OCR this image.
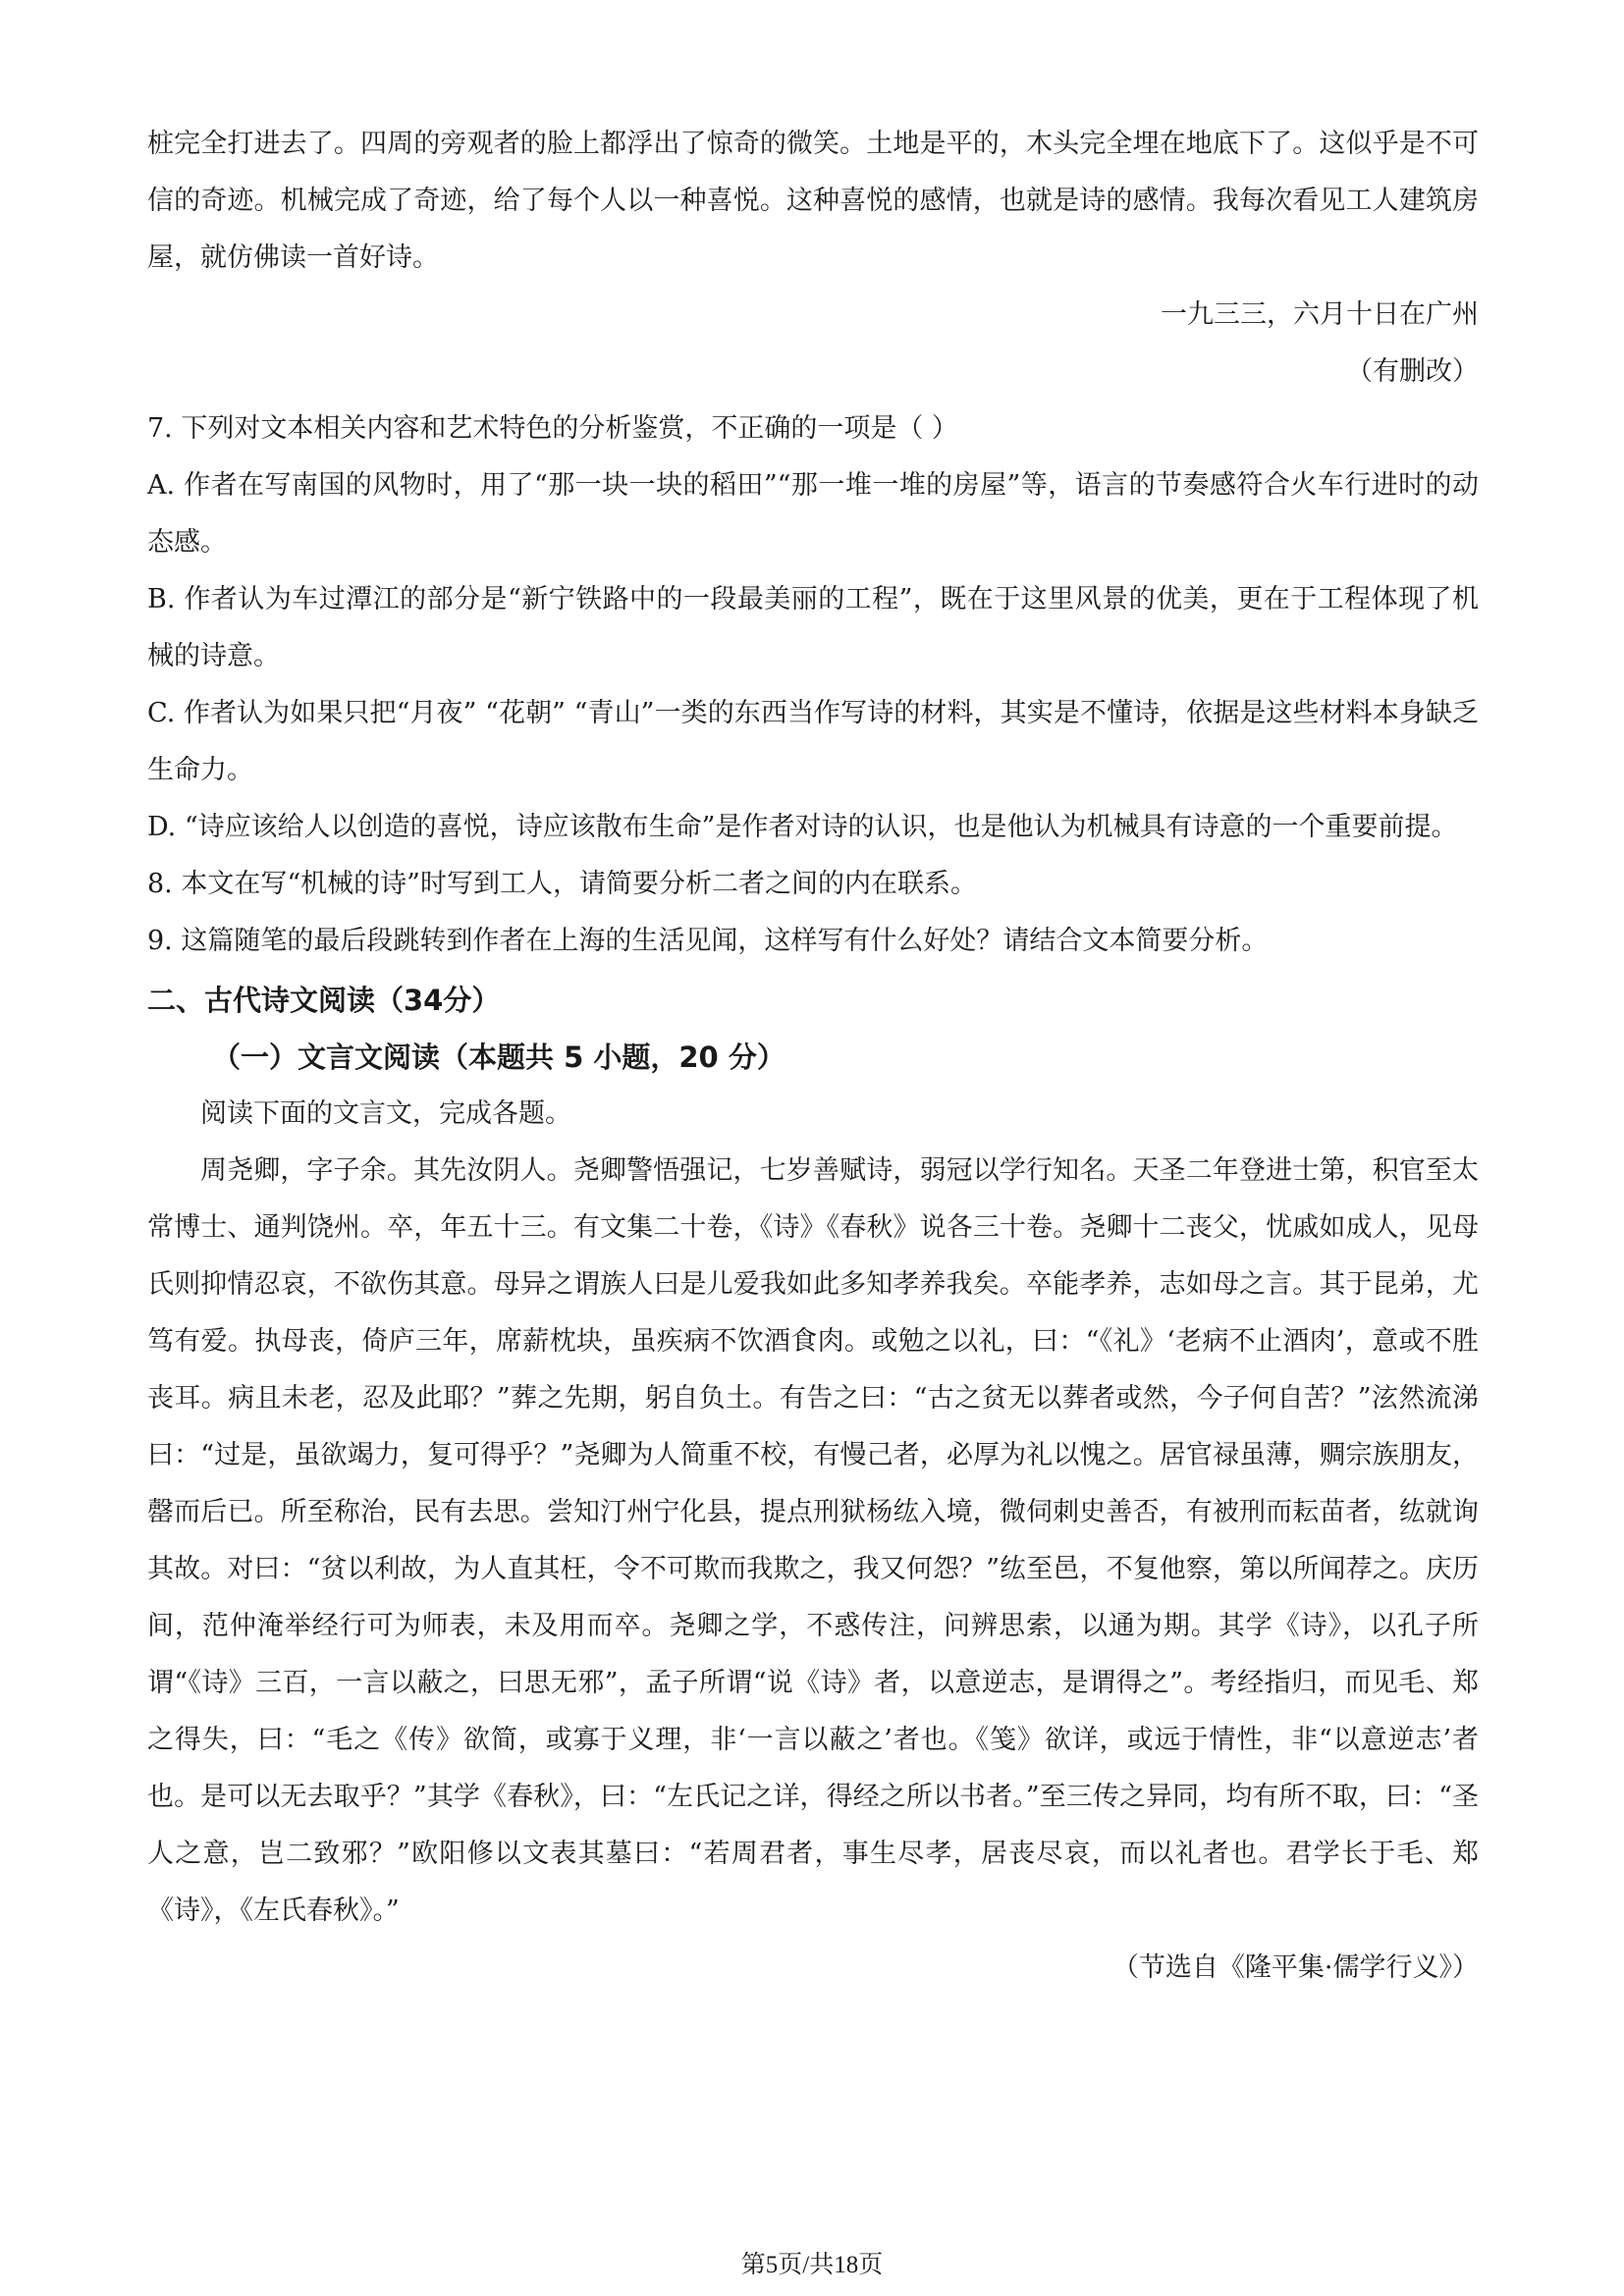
桩完全打进去了。四周的旁观者的脸上都浮出了惊奇的微笑。土地是平的，木头完全埋在地底下了。这似乎是不可信的奇迹。机械完成了奇迹，给了每个人以一种喜悦。这种喜悦的感情，也就是诗的感情。我每次看见工人建筑房屋，就仿佛读一首好诗。

一九三三，六月十日在广州

（有删改）

7. 下列对文本相关内容和艺术特色的分析鉴赏，不正确的一项是（ ）

A. 作者在写南国的风物时，用了“那一块一块的稻田”“那一堆一堆的房屋”等，语言的节奏感符合火车行进时的动态感。

B. 作者认为车过潭江的部分是“新宁铁路中的一段最美丽的工程”，既在于这里风景的优美，更在于工程体现了机械的诗意。

C. 作者认为如果只把“月夜” “花朝” “青山”一类的东西当作写诗的材料，其实是不懂诗，依据是这些材料本身缺乏生命力。

D. “诗应该给人以创造的喜悦，诗应该散布生命”是作者对诗的认识，也是他认为机械具有诗意的一个重要前提。

8. 本文在写“机械的诗”时写到工人，请简要分析二者之间的内在联系。

9. 这篇随笔的最后段跳转到作者在上海的生活见闻，这样写有什么好处？请结合文本简要分析。

二、古代诗文阅读（34分）
（一）文言文阅读（本题共 5 小题，20 分）

阅读下面的文言文，完成各题。

周尧卿，字子余。其先汝阴人。尧卿警悟强记，七岁善赋诗，弱冠以学行知名。天圣二年登进士第，积官至太常博士、通判饶州。卒，年五十三。有文集二十卷，《诗》《春秋》说各三十卷。尧卿十二丧父，忧戚如成人，见母氏则抑情忍哀，不欲伤其意。母异之谓族人曰是儿爱我如此多知孝养我矣。卒能孝养，志如母之言。其于昆弟，尤笃有爱。执母丧，倚庐三年，席薪枕块，虽疾病不饮酒食肉。或勉之以礼，曰：“《礼》‘老病不止酒肉’，意或不胜丧耳。病且未老，忍及此耶？”葬之先期，躬自负土。有告之曰：“古之贫无以葬者或然，今子何自苦？”泫然流涕曰：“过是，虽欲竭力，复可得乎？”尧卿为人简重不校，有慢己者，必厚为礼以愧之。居官禄虽薄，赒宗族朋友，罄而后已。所至称治，民有去思。尝知汀州宁化县，提点刑狱杨纮入境，微伺刺史善否，有被刑而耘苗者，纮就询其故。对曰：“贫以利故，为人直其枉，令不可欺而我欺之，我又何怨？”纮至邑，不复他察，第以所闻荐之。庆历间，范仲淹举经行可为师表，未及用而卒。尧卿之学，不惑传注，问辨思索，以通为期。其学《诗》，以孔子所谓“《诗》三百，一言以蔽之，曰思无邪”，孟子所谓“说《诗》者，以意逆志，是谓得之”。考经指归，而见毛、郑之得失，曰：“毛之《传》欲简，或寡于义理，非‘一言以蔽之’者也。《笺》欲详，或远于情性，非“以意逆志’者也。是可以无去取乎？”其学《春秋》，曰：“左氏记之详，得经之所以书者。”至三传之异同，均有所不取，曰：“圣人之意，岂二致邪？”欧阳修以文表其墓曰：“若周君者，事生尽孝，居丧尽哀，而以礼者也。君学长于毛、郑《诗》，《左氏春秋》。”

（节选自《隆平集·儒学行义》）

第5页/共18页
